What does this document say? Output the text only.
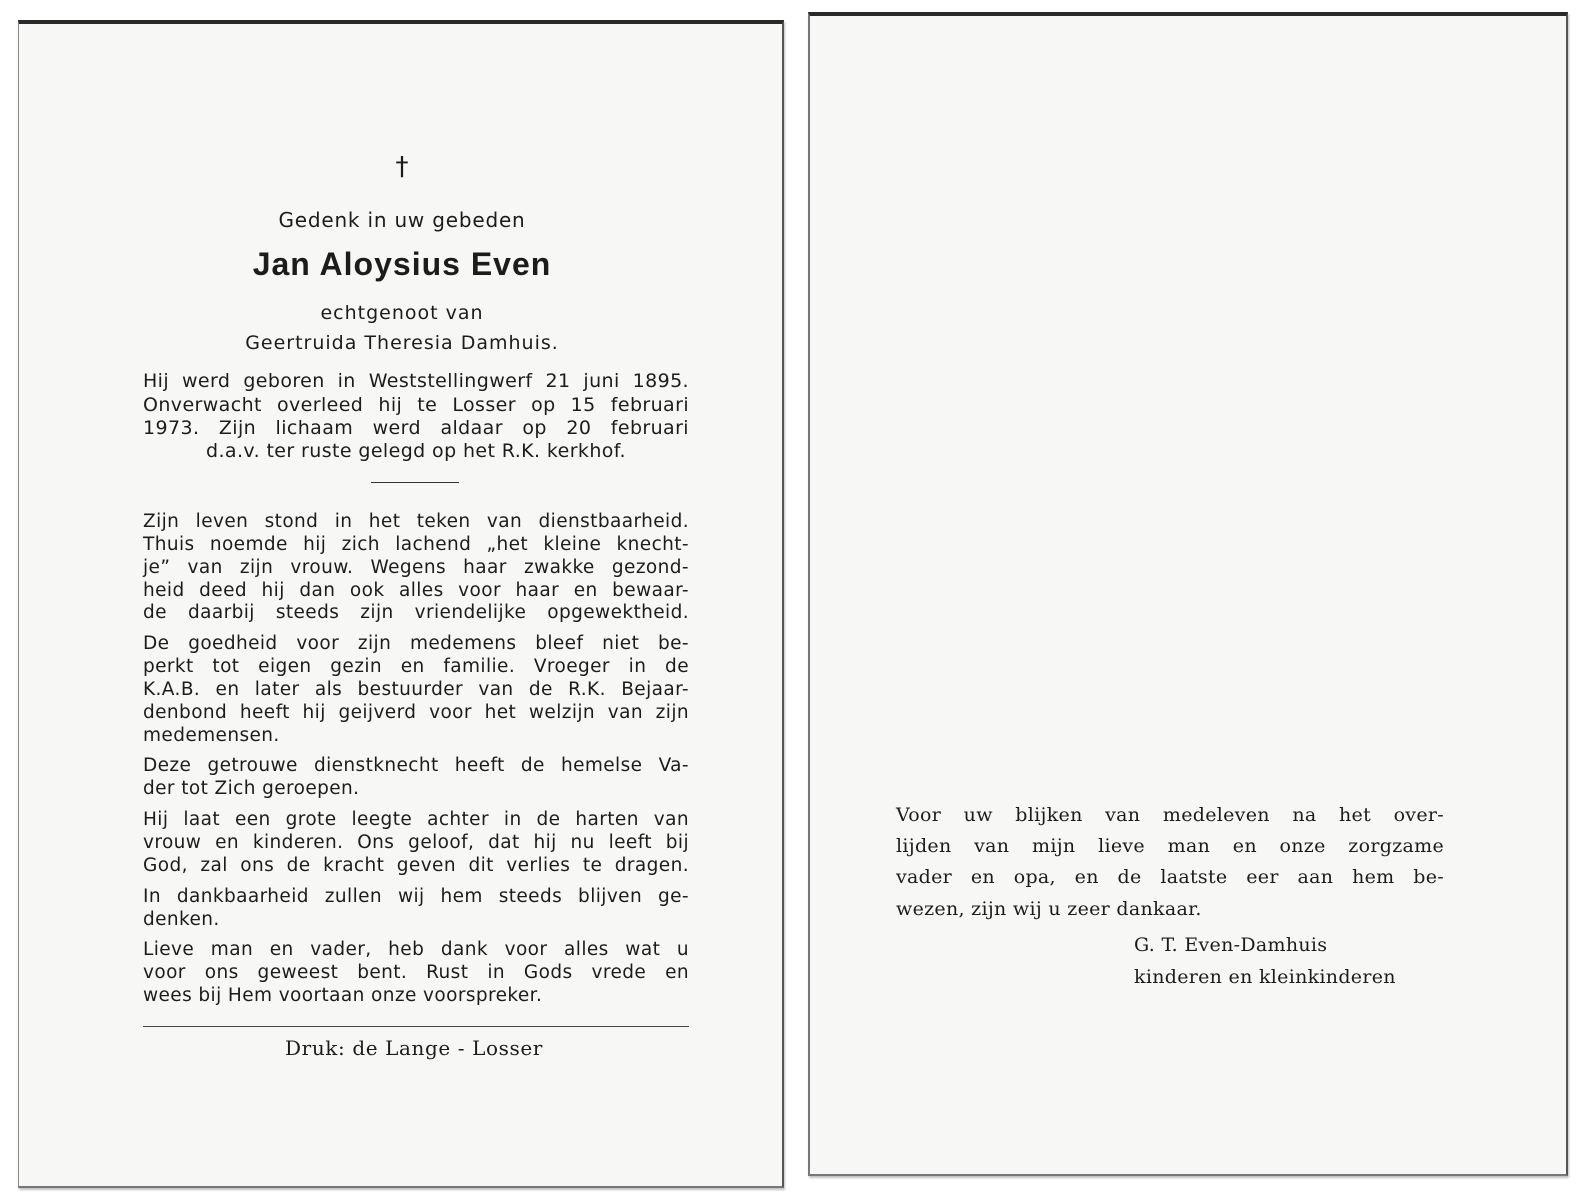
†
Gedenk in uw gebeden
Jan Aloysius Even
echtgenoot van
Geertruida Theresia Damhuis.
Hij werd geboren in Weststellingwerf 21 juni 1895.
Onverwacht overleed hij te Losser op 15 februari
1973. Zijn lichaam werd aldaar op 20 februari
d.a.v. ter ruste gelegd op het R.K. kerkhof.
Zijn leven stond in het teken van dienstbaarheid.
Thuis noemde hij zich lachend „het kleine knecht-
je” van zijn vrouw. Wegens haar zwakke gezond-
heid deed hij dan ook alles voor haar en bewaar-
de daarbij steeds zijn vriendelijke opgewektheid.
De goedheid voor zijn medemens bleef niet be-
perkt tot eigen gezin en familie. Vroeger in de
K.A.B. en later als bestuurder van de R.K. Bejaar-
denbond heeft hij geijverd voor het welzijn van zijn
medemensen.
Deze getrouwe dienstknecht heeft de hemelse Va-
der tot Zich geroepen.
Hij laat een grote leegte achter in de harten van
vrouw en kinderen. Ons geloof, dat hij nu leeft bij
God, zal ons de kracht geven dit verlies te dragen.
In dankbaarheid zullen wij hem steeds blijven ge-
denken.
Lieve man en vader, heb dank voor alles wat u
voor ons geweest bent. Rust in Gods vrede en
wees bij Hem voortaan onze voorspreker.
Druk: de Lange - Losser
Voor uw blijken van medeleven na het over-
lijden van mijn lieve man en onze zorgzame
vader en opa, en de laatste eer aan hem be-
wezen, zijn wij u zeer dankaar.
G. T. Even-Damhuis
kinderen en kleinkinderen
